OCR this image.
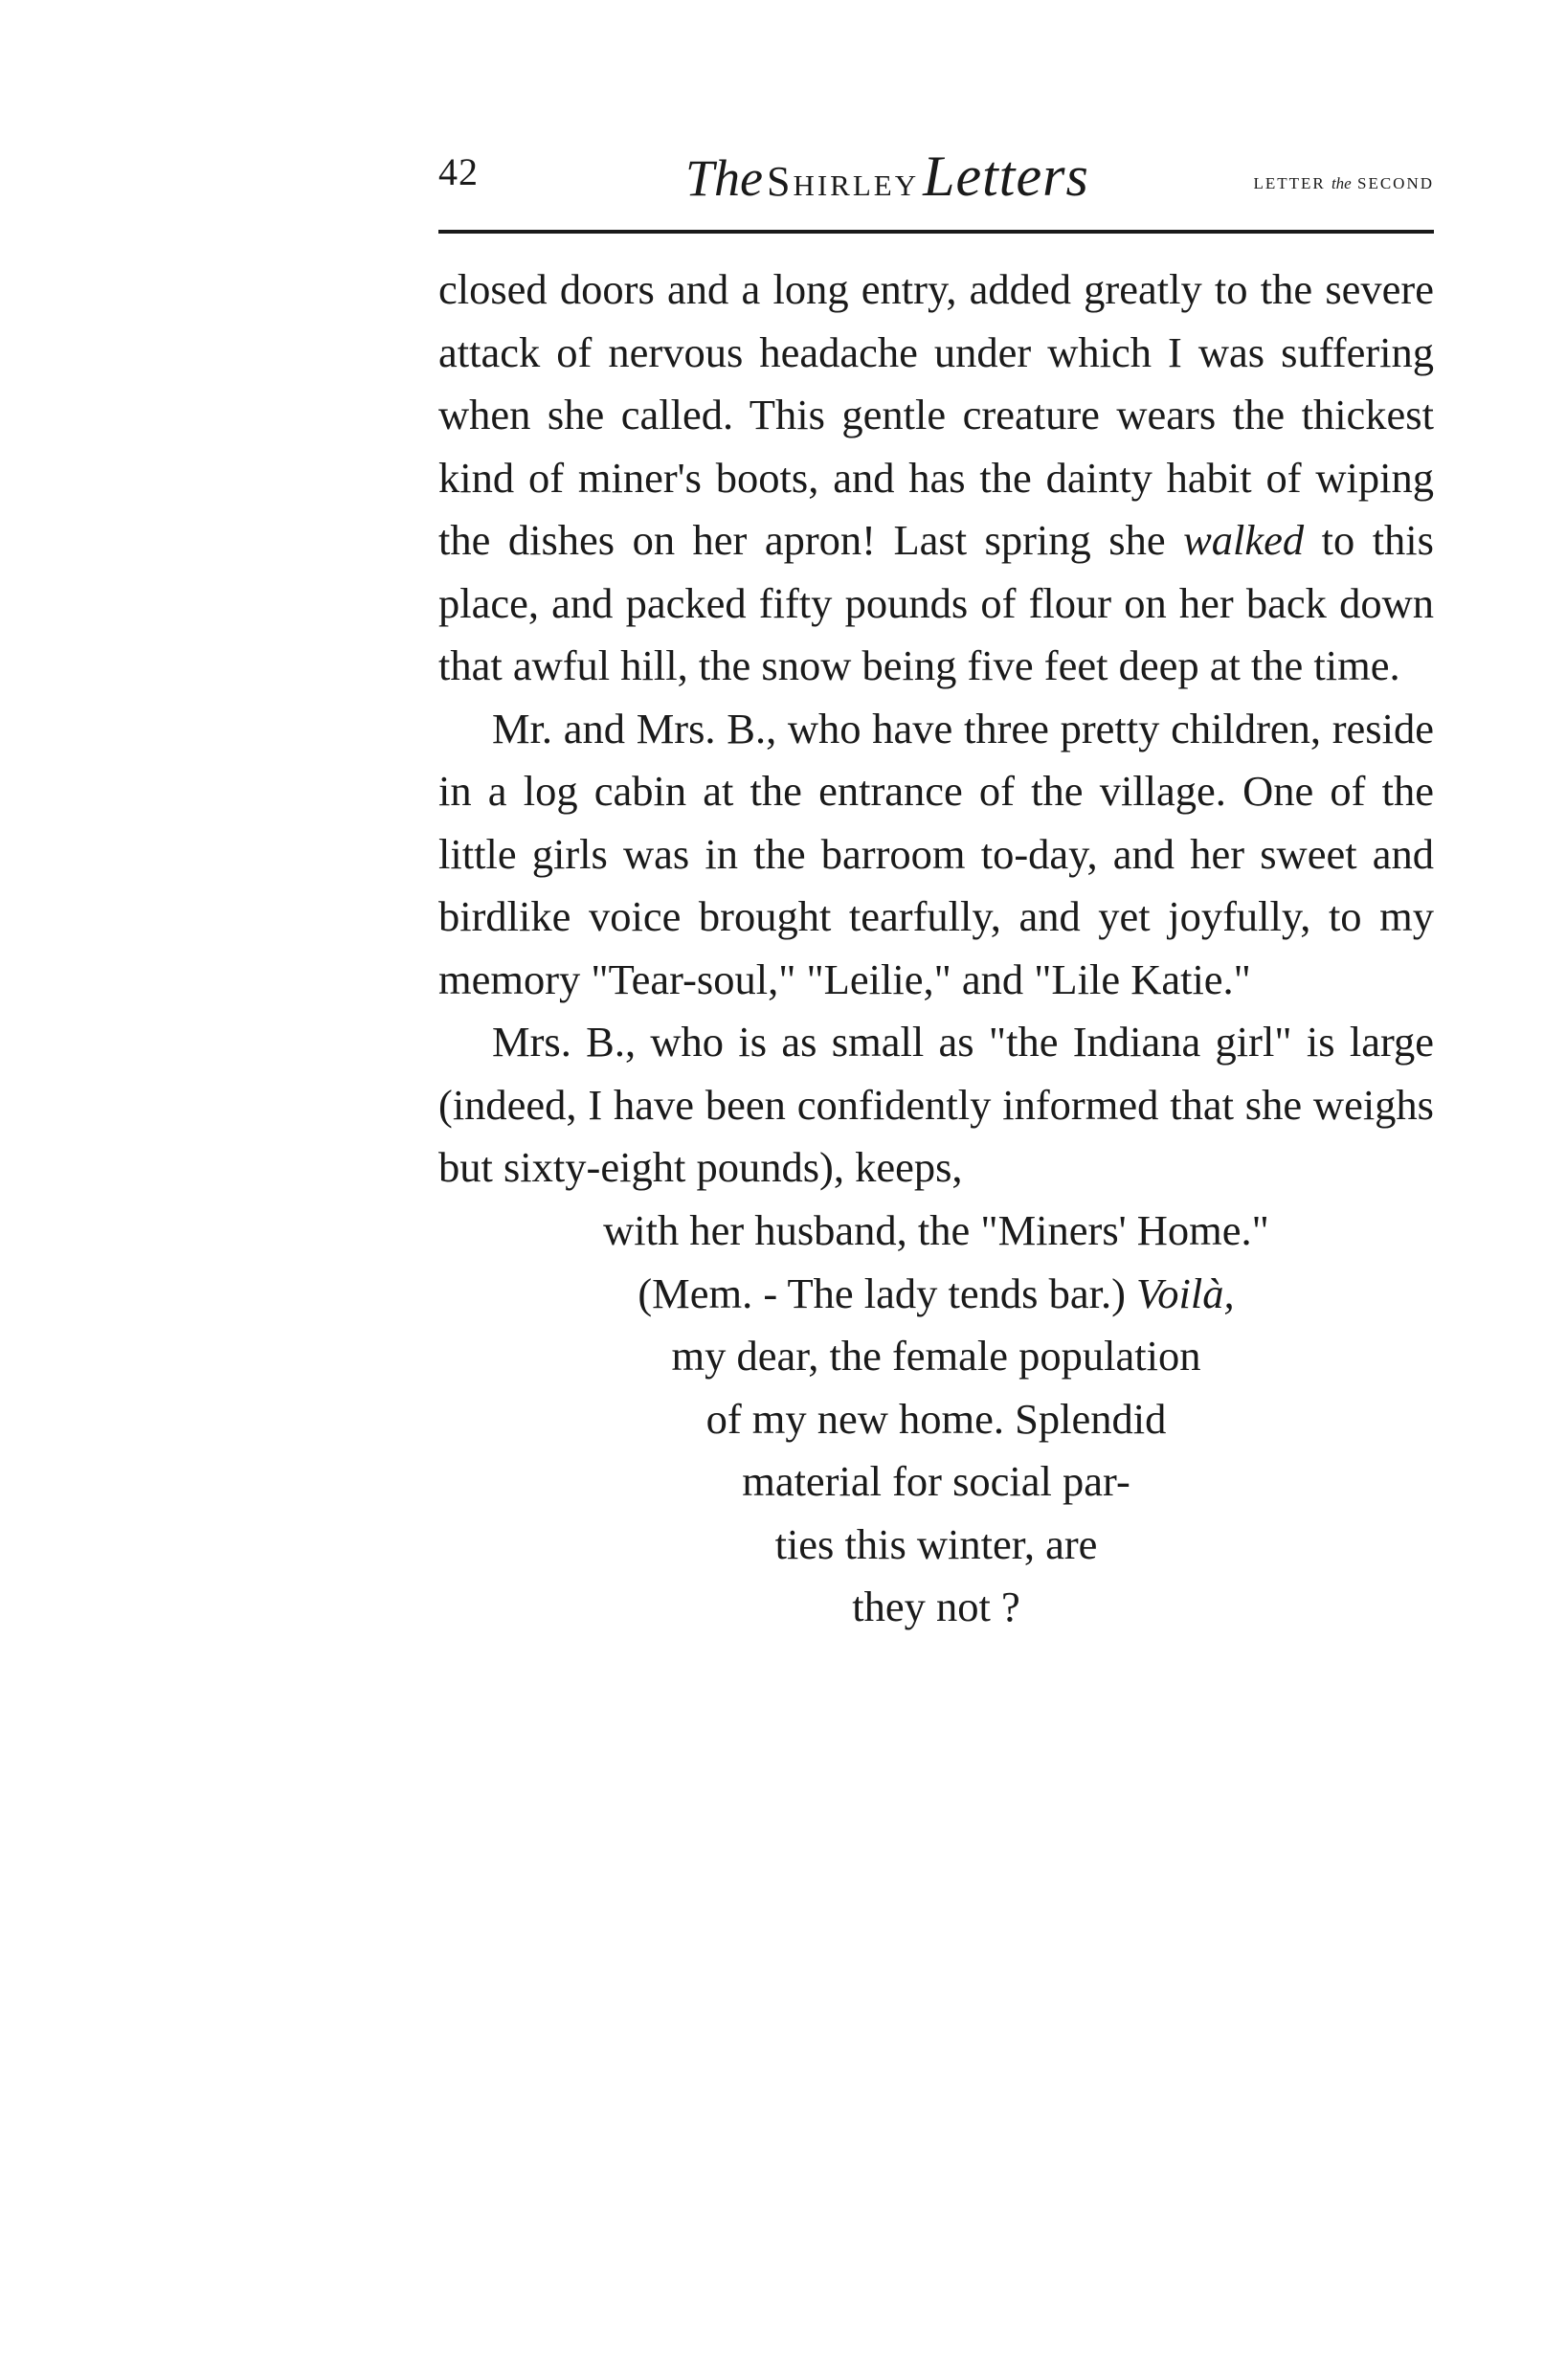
42	The Shirley Letters	LETTER the SECOND

closed doors and a long entry, added greatly to the severe attack of nervous headache under which I was suffering when she called. This gentle creature wears the thickest kind of miner's boots, and has the dainty habit of wiping the dishes on her apron! Last spring she walked to this place, and packed fifty pounds of flour on her back down that awful hill, the snow being five feet deep at the time.

Mr. and Mrs. B., who have three pretty children, reside in a log cabin at the entrance of the village. One of the little girls was in the barroom to-day, and her sweet and birdlike voice brought tearfully, and yet joyfully, to my memory "Tear-soul," "Leilie," and "Lile Katie."

Mrs. B., who is as small as "the Indiana girl" is large (indeed, I have been confidently informed that she weighs but sixty-eight pounds), keeps,

with her husband, the "Miners' Home."
(Mem. - The lady tends bar.) Voilà,
my dear, the female population
of my new home. Splendid
material for social par-
ties this winter, are
they not ?
